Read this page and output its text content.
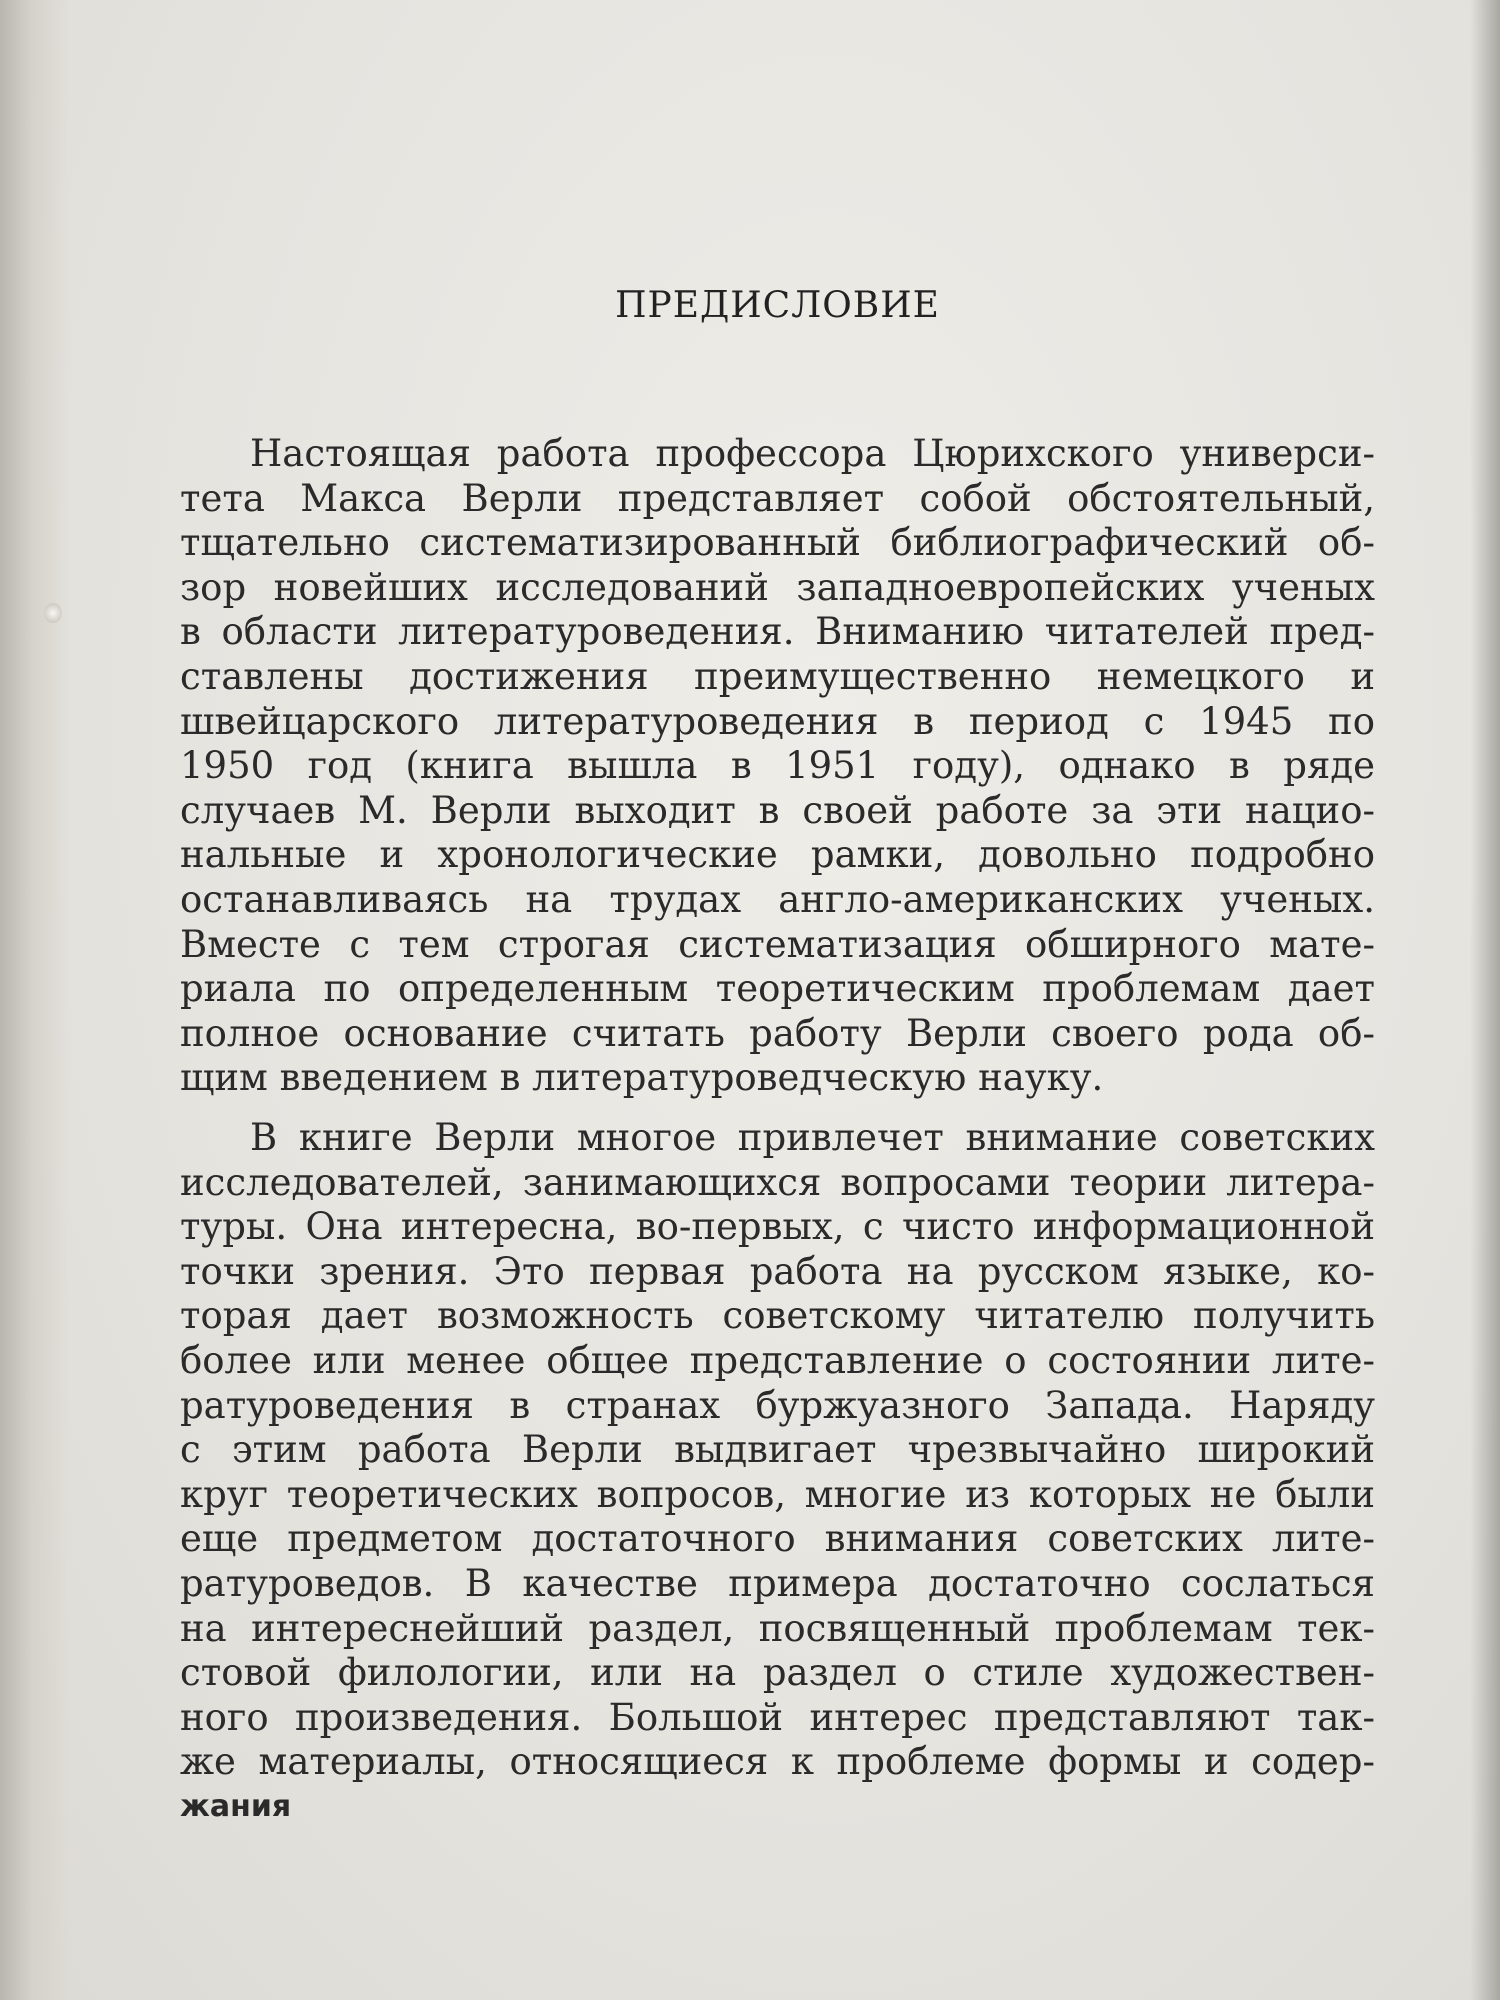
ПРЕДИСЛОВИЕ
Настоящая работа профессора Цюрихского универси-
тета Макса Верли представляет собой обстоятельный,
тщательно систематизированный библиографический об-
зор новейших исследований западноевропейских ученых
в области литературоведения. Вниманию читателей пред-
ставлены достижения преимущественно немецкого и
швейцарского литературоведения в период с 1945 по
1950 год (книга вышла в 1951 году), однако в ряде
случаев М. Верли выходит в своей работе за эти нацио-
нальные и хронологические рамки, довольно подробно
останавливаясь на трудах англо-американских ученых.
Вместе с тем строгая систематизация обширного мате-
риала по определенным теоретическим проблемам дает
полное основание считать работу Верли своего рода об-
щим введением в литературоведческую науку.
В книге Верли многое привлечет внимание советских
исследователей, занимающихся вопросами теории литера-
туры. Она интересна, во-первых, с чисто информационной
точки зрения. Это первая работа на русском языке, ко-
торая дает возможность советскому читателю получить
более или менее общее представление о состоянии лите-
ратуроведения в странах буржуазного Запада. Наряду
с этим работа Верли выдвигает чрезвычайно широкий
круг теоретических вопросов, многие из которых не были
еще предметом достаточного внимания советских лите-
ратуроведов. В качестве примера достаточно сослаться
на интереснейший раздел, посвященный проблемам тек-
стовой филологии, или на раздел о стиле художествен-
ного произведения. Большой интерес представляют так-
же материалы, относящиеся к проблеме формы и содер-
жания
